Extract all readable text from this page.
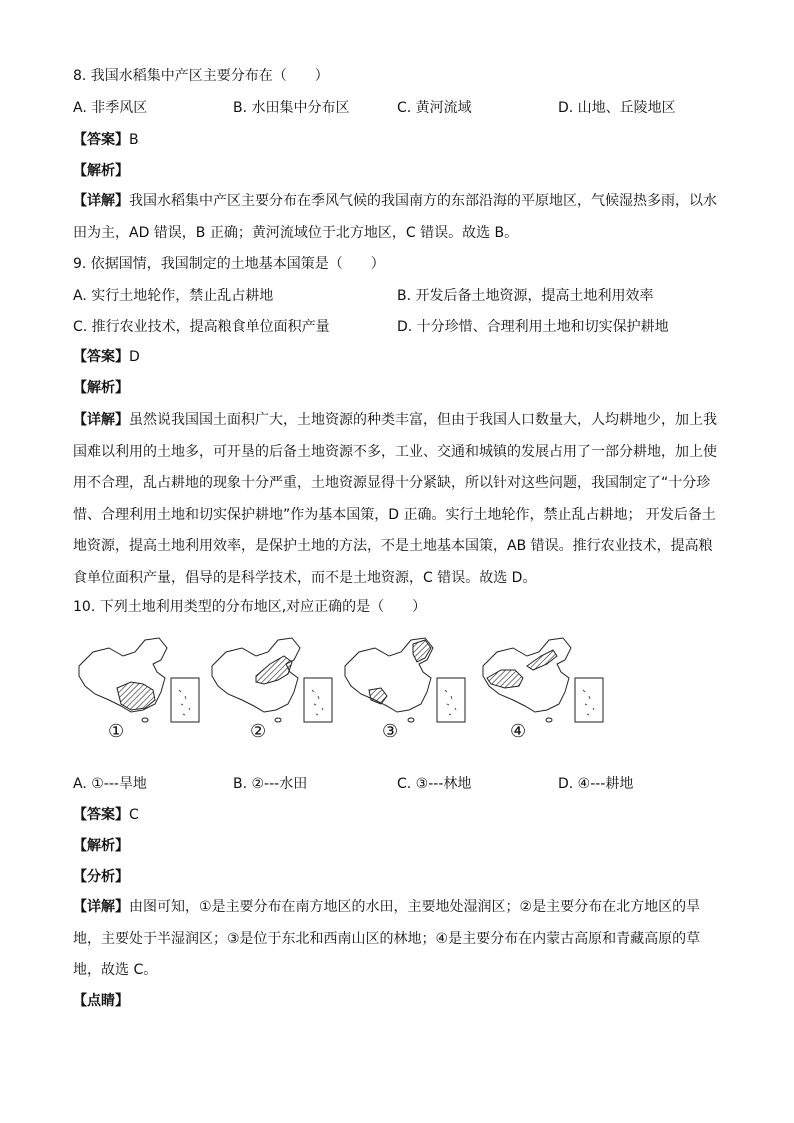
8. 我国水稻集中产区主要分布在（　　）
A. 非季风区	B. 水田集中分布区	C. 黄河流域	D. 山地、丘陵地区
【答案】B
【解析】
【详解】我国水稻集中产区主要分布在季风气候的我国南方的东部沿海的平原地区，气候湿热多雨，以水田为主，AD 错误，B 正确；黄河流域位于北方地区，C 错误。故选 B。
9. 依据国情，我国制定的土地基本国策是（　　）
A. 实行土地轮作，禁止乱占耕地	B. 开发后备土地资源，提高土地利用效率
C. 推行农业技术，提高粮食单位面积产量	D. 十分珍惜、合理利用土地和切实保护耕地
【答案】D
【解析】
【详解】虽然说我国国土面积广大，土地资源的种类丰富，但由于我国人口数量大，人均耕地少，加上我国难以利用的土地多，可开垦的后备土地资源不多，工业、交通和城镇的发展占用了一部分耕地，加上使用不合理，乱占耕地的现象十分严重，土地资源显得十分紧缺，所以针对这些问题，我国制定了“十分珍惜、合理利用土地和切实保护耕地”作为基本国策，D 正确。实行土地轮作，禁止乱占耕地； 开发后备土地资源，提高土地利用效率，是保护土地的方法，不是土地基本国策，AB 错误。推行农业技术，提高粮食单位面积产量，倡导的是科学技术，而不是土地资源，C 错误。故选 D。
10. 下列土地利用类型的分布地区,对应正确的是（　　）
①	②	③	④
A. ①---旱地	B. ②---水田	C. ③---林地	D. ④---耕地
【答案】C
【解析】
【分析】
【详解】由图可知，①是主要分布在南方地区的水田，主要地处湿润区；②是主要分布在北方地区的旱地，主要处于半湿润区；③是位于东北和西南山区的林地；④是主要分布在内蒙古高原和青藏高原的草地，故选 C。
【点睛】
